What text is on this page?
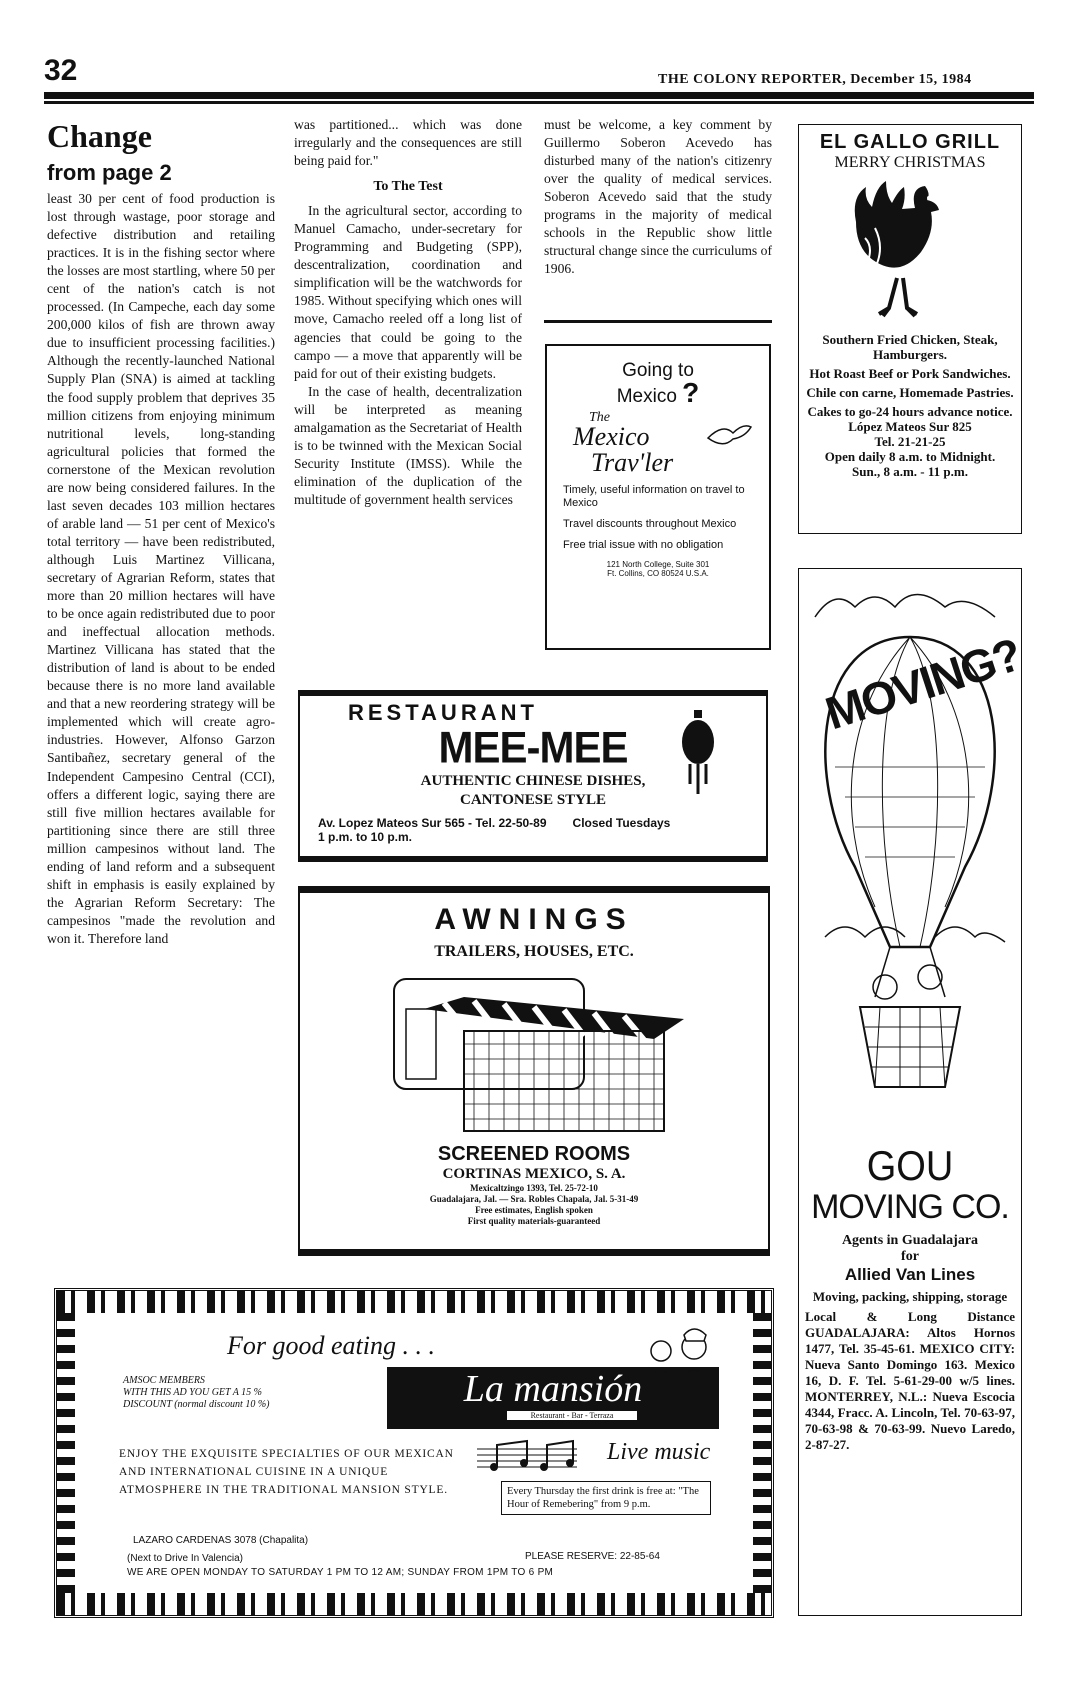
32	THE COLONY REPORTER, December 15, 1984
Change
from page 2

least 30 per cent of food production is lost through wastage, poor storage and defective distribution and retailing practices. It is in the fishing sector where the losses are most startling, where 50 per cent of the nation's catch is not processed. (In Campeche, each day some 200,000 kilos of fish are thrown away due to insufficient processing facilities.) Although the recently-launched National Supply Plan (SNA) is aimed at tackling the food supply problem that deprives 35 million citizens from enjoying minimum nutritional levels, long-standing agricultural policies that formed the cornerstone of the Mexican revolution are now being considered failures. In the last seven decades 103 million hectares of arable land — 51 per cent of Mexico's total territory — have been redistributed, although Luis Martinez Villicana, secretary of Agrarian Reform, states that more than 20 million hectares will have to be once again redistributed due to poor and ineffectual allocation methods. Martinez Villicana has stated that the distribution of land is about to be ended because there is no more land available and that a new reordering strategy will be implemented which will create agro-industries. However, Alfonso Garzon Santibañez, secretary general of the Independent Campesino Central (CCI), offers a different logic, saying there are still five million hectares available for partitioning since there are still three million campesinos without land. The ending of land reform and a subsequent shift in emphasis is easily explained by the Agrarian Reform Secretary: The campesinos "made the revolution and won it. Therefore land

was partitioned... which was done irregularly and the consequences are still being paid for."

To The Test

In the agricultural sector, according to Manuel Camacho, under-secretary for Programming and Budgeting (SPP), descentralization, coordination and simplification will be the watchwords for 1985. Without specifying which ones will move, Camacho reeled off a long list of agencies that could be going to the campo — a move that apparently will be paid for out of their existing budgets.

In the case of health, decentralization will be interpreted as meaning amalgamation as the Secretariat of Health is to be twinned with the Mexican Social Security Institute (IMSS). While the elimination of the duplication of the multitude of government health services

must be welcome, a key comment by Guillermo Soberon Acevedo has disturbed many of the nation's citizenry over the quality of medical services. Soberon Acevedo said that the study programs in the majority of medical schools in the Republic show little structural change since the curriculums of 1906.

EL GALLO GRILL
MERRY CHRISTMAS
Southern Fried Chicken, Steak, Hamburgers.
Hot Roast Beef or Pork Sandwiches.
Chile con carne, Homemade Pastries.
Cakes to go-24 hours advance notice.
López Mateos Sur 825
Tel. 21-21-25
Open daily 8 a.m. to Midnight.
Sun., 8 a.m. - 11 p.m.
Going to
Mexico ?
The
Mexico
Trav'ler
Timely, useful information on travel to Mexico
Travel discounts throughout Mexico
Free trial issue with no obligation
121 North College, Suite 301
Ft. Collins, CO 80524 U.S.A.
RESTAURANT
MEE-MEE
AUTHENTIC CHINESE DISHES,
CANTONESE STYLE
Av. Lopez Mateos Sur 565 - Tel. 22-50-89 Closed Tuesdays
1 p.m. to 10 p.m.
AWNINGS
TRAILERS, HOUSES, ETC.
SCREENED ROOMS
CORTINAS MEXICO, S. A.
Mexicaltzingo 1393, Tel. 25-72-10
Guadalajara, Jal. — Sra. Robles Chapala, Jal. 5-31-49
Free estimates, English spoken
First quality materials-guaranteed
MOVING?
GOU
MOVING CO.
Agents in Guadalajara
for
Allied Van Lines
Moving, packing, shipping, storage
Local & Long Distance GUADALAJARA: Altos Hornos 1477, Tel. 35-45-61. MEXICO CITY: Nueva Santo Domingo 163. Mexico 16, D. F. Tel. 5-61-29-00 w/5 lines. MONTERREY, N.L.: Nueva Escocia 4344, Fracc. A. Lincoln, Tel. 70-63-97, 70-63-98 & 70-63-99. Nuevo Laredo, 2-87-27.
For good eating . . .
AMSOC MEMBERS
WITH THIS AD YOU GET A 15 %
DISCOUNT (normal discount 10 %)	La mansión
Restaurant - Bar - Terraza
ENJOY THE EXQUISITE SPECIALTIES OF OUR MEXICAN AND INTERNATIONAL CUISINE IN A UNIQUE ATMOSPHERE IN THE TRADITIONAL MANSION STYLE.
Live music
Every Thursday the first drink is free at: "The Hour of Remebering" from 9 p.m.
LAZARO CARDENAS 3078 (Chapalita)
(Next to Drive In Valencia)	PLEASE RESERVE: 22-85-64
WE ARE OPEN MONDAY TO SATURDAY 1 PM TO 12 AM; SUNDAY FROM 1PM TO 6 PM
